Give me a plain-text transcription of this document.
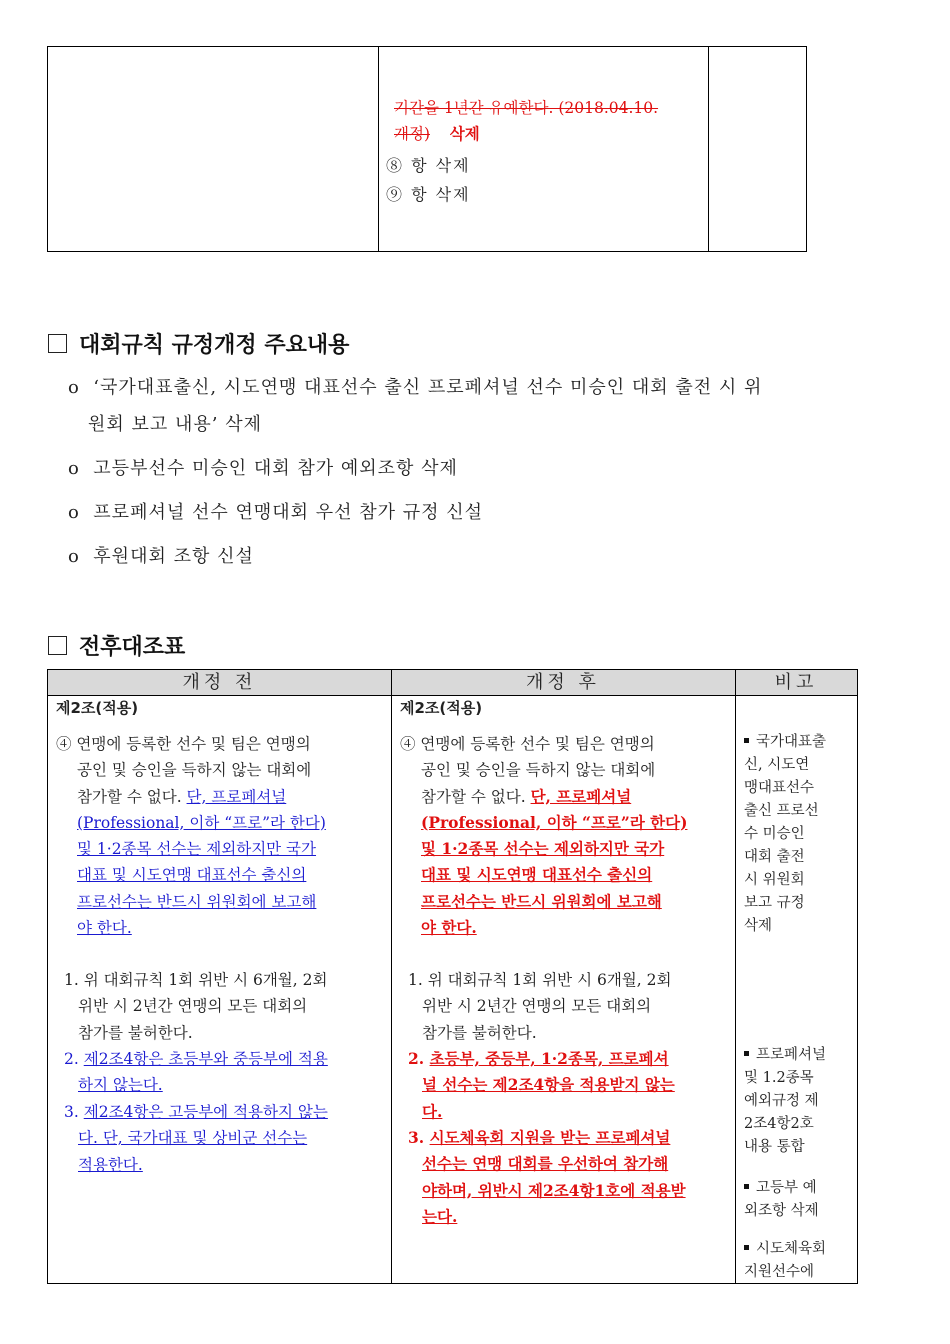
기간을 1년간 유예한다. (2018.04.10.
개정) 삭제
⑧ 항 삭제
⑨ 항 삭제
대회규칙 규정개정 주요내용
ο ‘국가대표출신, 시도연맹 대표선수 출신 프로페셔널 선수 미승인 대회 출전 시 위
원회 보고 내용’ 삭제
ο 고등부선수 미승인 대회 참가 예외조항 삭제
ο 프로페셔널 선수 연맹대회 우선 참가 규정 신설
ο 후원대회 조항 신설
전후대조표
개정 전	개정 후	비고
제2조(적용)
④ 연맹에 등록한 선수 및 팀은 연맹의
공인 및 승인을 득하지 않는 대회에
참가할 수 없다. 단, 프로페셔널
(Professional, 이하 “프로”라 한다)
및 1·2종목 선수는 제외하지만 국가
대표 및 시도연맹 대표선수 출신의
프로선수는 반드시 위원회에 보고해
야 한다.
1. 위 대회규칙 1회 위반 시 6개월, 2회
위반 시 2년간 연맹의 모든 대회의
참가를 불허한다.
2. 제2조4항은 초등부와 중등부에 적용
하지 않는다.
3. 제2조4항은 고등부에 적용하지 않는
다. 단, 국가대표 및 상비군 선수는
적용한다.
제2조(적용)
④ 연맹에 등록한 선수 및 팀은 연맹의
공인 및 승인을 득하지 않는 대회에
참가할 수 없다. 단, 프로페셔널
(Professional, 이하 “프로”라 한다)
및 1·2종목 선수는 제외하지만 국가
대표 및 시도연맹 대표선수 출신의
프로선수는 반드시 위원회에 보고해
야 한다.
1. 위 대회규칙 1회 위반 시 6개월, 2회
위반 시 2년간 연맹의 모든 대회의
참가를 불허한다.
2. 초등부, 중등부, 1·2종목, 프로페셔
널 선수는 제2조4항을 적용받지 않는
다.
3. 시도체육회 지원을 받는 프로페셔널
선수는 연맹 대회를 우선하여 참가해
야하며, 위반시 제2조4항1호에 적용받
는다.
국가대표출
신, 시도연
맹대표선수
출신 프로선
수 미승인
대회 출전
시 위원회
보고 규정
삭제
프로페셔널
및 1.2종목
예외규정 제
2조4항2호
내용 통합
고등부 예
외조항 삭제
시도체육회
지원선수에
